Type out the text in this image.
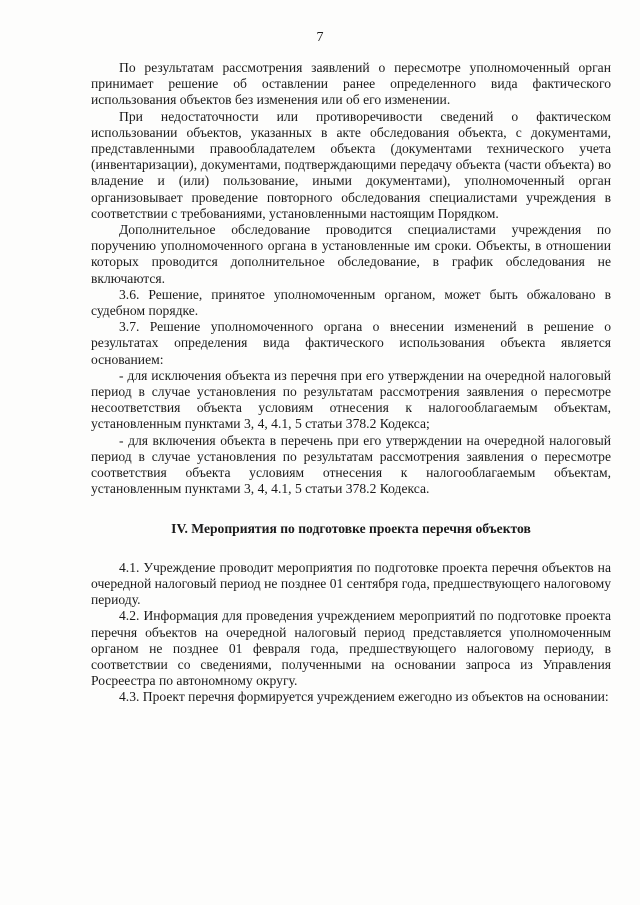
7

По результатам рассмотрения заявлений о пересмотре уполномоченный орган принимает решение об оставлении ранее определенного вида фактического использования объектов без изменения или об его изменении.

При недостаточности или противоречивости сведений о фактическом использовании объектов, указанных в акте обследования объекта, с документами, представленными правообладателем объекта (документами технического учета (инвентаризации), документами, подтверждающими передачу объекта (части объекта) во владение и (или) пользование, иными документами), уполномоченный орган организовывает проведение повторного обследования специалистами учреждения в соответствии с требованиями, установленными настоящим Порядком.

Дополнительное обследование проводится специалистами учреждения по поручению уполномоченного органа в установленные им сроки. Объекты, в отношении которых проводится дополнительное обследование, в график обследования не включаются.

3.6. Решение, принятое уполномоченным органом, может быть обжаловано в судебном порядке.

3.7. Решение уполномоченного органа о внесении изменений в решение о результатах определения вида фактического использования объекта является основанием:

- для исключения объекта из перечня при его утверждении на очередной налоговый период в случае установления по результатам рассмотрения заявления о пересмотре несоответствия объекта условиям отнесения к налогооблагаемым объектам, установленным пунктами 3, 4, 4.1, 5 статьи 378.2 Кодекса;

- для включения объекта в перечень при его утверждении на очередной налоговый период в случае установления по результатам рассмотрения заявления о пересмотре соответствия объекта условиям отнесения к налогооблагаемым объектам, установленным пунктами 3, 4, 4.1, 5 статьи 378.2 Кодекса.

IV. Мероприятия по подготовке проекта перечня объектов

4.1. Учреждение проводит мероприятия по подготовке проекта перечня объектов на очередной налоговый период не позднее 01 сентября года, предшествующего налоговому периоду.

4.2. Информация для проведения учреждением мероприятий по подготовке проекта перечня объектов на очередной налоговый период представляется уполномоченным органом не позднее 01 февраля года, предшествующего налоговому периоду, в соответствии со сведениями, полученными на основании запроса из Управления Росреестра по автономному округу.

4.3. Проект перечня формируется учреждением ежегодно из объектов на основании:
